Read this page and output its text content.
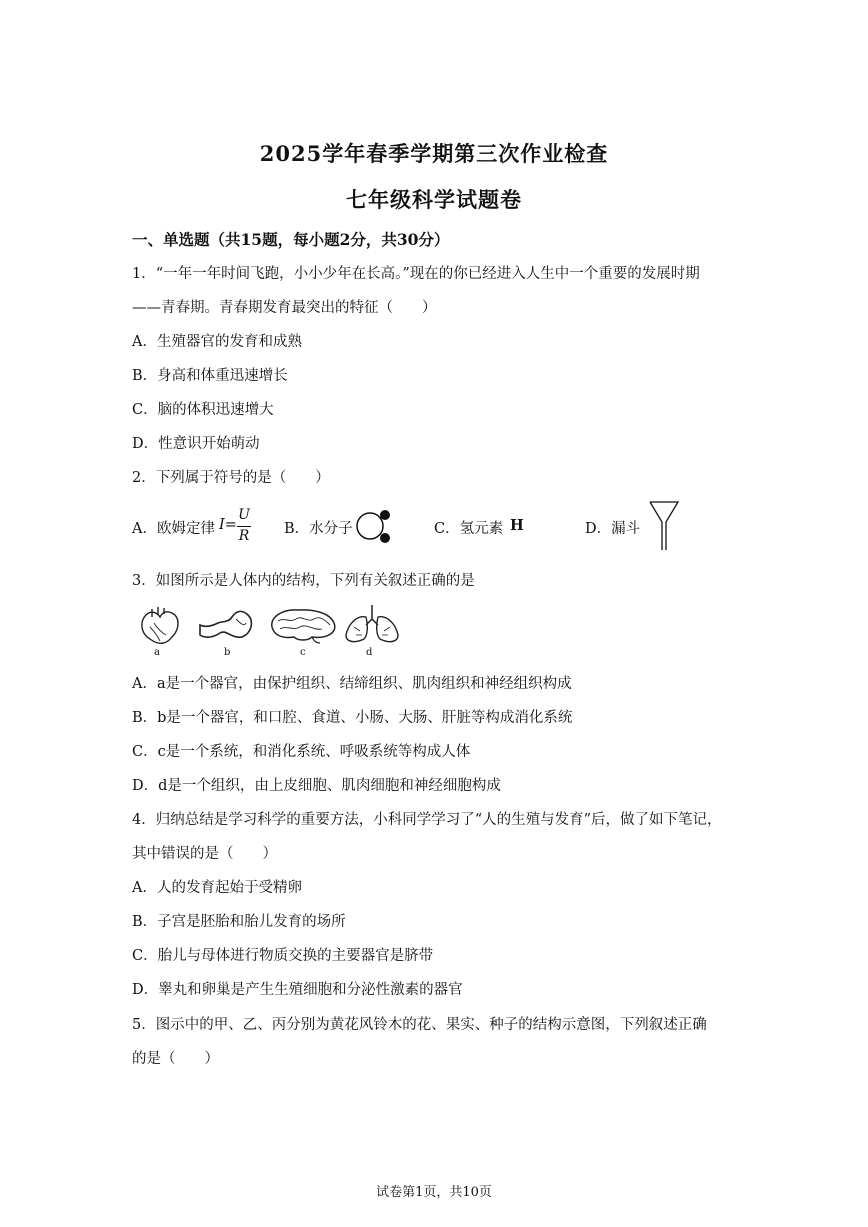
2025学年春季学期第三次作业检查
七年级科学试题卷
一、单选题（共15题，每小题2分，共30分）
1．“一年一年时间飞跑，小小少年在长高。”现在的你已经进入人生中一个重要的发展时期
——青春期。青春期发育最突出的特征（　　）
A．生殖器官的发育和成熟
B．身高和体重迅速增长
C．脑的体积迅速增大
D．性意识开始萌动
2．下列属于符号的是（　　）
A．欧姆定律 I=
U
R B．水分子	C．氢元素 H	D．漏斗
3．如图所示是人体内的结构，下列有关叙述正确的是
a	b	c	d
A．a是一个器官，由保护组织、结缔组织、肌肉组织和神经组织构成
B．b是一个器官，和口腔、食道、小肠、大肠、肝脏等构成消化系统
C．c是一个系统，和消化系统、呼吸系统等构成人体
D．d是一个组织，由上皮细胞、肌肉细胞和神经细胞构成
4．归纳总结是学习科学的重要方法，小科同学学习了“人的生殖与发育”后，做了如下笔记，
其中错误的是（　　）
A．人的发育起始于受精卵
B．子宫是胚胎和胎儿发育的场所
C．胎儿与母体进行物质交换的主要器官是脐带
D．睾丸和卵巢是产生生殖细胞和分泌性激素的器官
5．图示中的甲、乙、丙分别为黄花风铃木的花、果实、种子的结构示意图，下列叙述正确
的是（　　）
试卷第1页，共10页
